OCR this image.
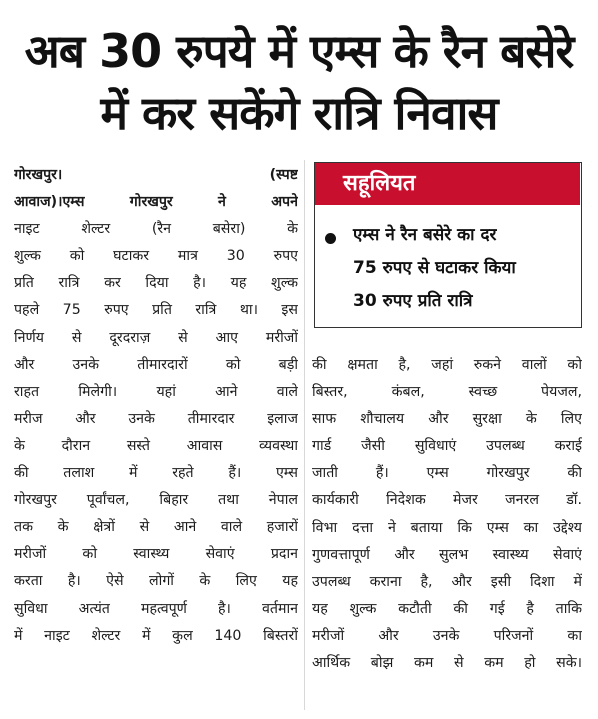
अब 30 रुपये में एम्स के रैन बसेरे
में कर सकेंगे रात्रि निवास
गोरखपुर।	(स्पष्ट
आवाज)।एम्स गोरखपुर ने अपने
नाइट शेल्टर (रैन बसेरा) के
शुल्क को घटाकर मात्र 30 रुपए
प्रति रात्रि कर दिया है। यह शुल्क
पहले 75 रुपए प्रति रात्रि था। इस
निर्णय से दूरदराज़ से आए मरीजों
और उनके तीमारदारों को बड़ी
राहत मिलेगी। यहां आने वाले
मरीज और उनके तीमारदार इलाज
के दौरान सस्ते आवास व्यवस्था
की तलाश में रहते हैं। एम्स
गोरखपुर पूर्वांचल, बिहार तथा नेपाल
तक के क्षेत्रों से आने वाले हजारों
मरीजों को स्वास्थ्य सेवाएं प्रदान
करता है। ऐसे लोगों के लिए यह
सुविधा अत्यंत महत्वपूर्ण है। वर्तमान
में नाइट शेल्टर में कुल 140 बिस्तरों
सहूलियत
एम्स ने रैन बसेरे का दर
75 रुपए से घटाकर किया
30 रुपए प्रति रात्रि
की क्षमता है, जहां रुकने वालों को
बिस्तर, कंबल, स्वच्छ पेयजल,
साफ शौचालय और सुरक्षा के लिए
गार्ड जैसी सुविधाएं उपलब्ध कराई
जाती हैं। एम्स गोरखपुर की
कार्यकारी निदेशक मेजर जनरल डॉ.
विभा दत्ता ने बताया कि एम्स का उद्देश्य
गुणवत्तापूर्ण और सुलभ स्वास्थ्य सेवाएं
उपलब्ध कराना है, और इसी दिशा में
यह शुल्क कटौती की गई है ताकि
मरीजों और उनके परिजनों का
आर्थिक बोझ कम से कम हो सके।
